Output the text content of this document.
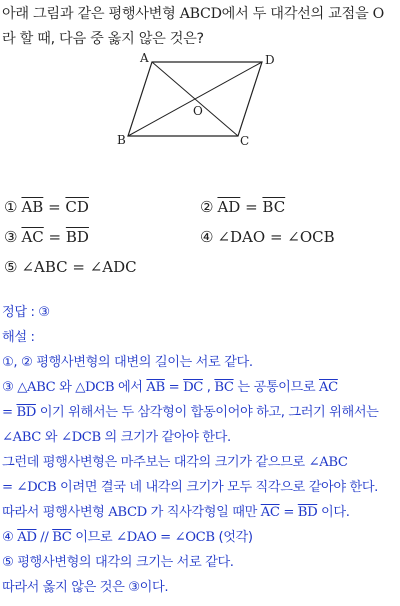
아래 그림과 같은 평행사변형 ABCD에서 두 대각선의 교점을 O
라 할 때, 다음 중 옳지 않은 것은?
A	D
B	C
O
① $\overline{AB} = \overline{CD}$	② $\overline{AD} = \overline{BC}$
③ $\overline{AC} = \overline{BD}$	④ ∠DAO = ∠OCB
⑤ ∠ABC = ∠ADC
정답 : ③
해설 :
①, ② 평행사변형의 대변의 길이는 서로 같다.
③ △ABC 와 △DCB 에서 $\overline{AB} = \overline{DC}$ , $\overline{BC}$ 는 공통이므로 $\overline{AC}$
= $\overline{BD}$ 이기 위해서는 두 삼각형이 합동이어야 하고, 그러기 위해서는
∠ABC 와 ∠DCB 의 크기가 같아야 한다.
그런데 평행사변형은 마주보는 대각의 크기가 같으므로 ∠ABC
= ∠DCB 이려면 결국 네 내각의 크기가 모두 직각으로 같아야 한다.
따라서 평행사변형 ABCD 가 직사각형일 때만 $\overline{AC} = \overline{BD}$ 이다.
④ $\overline{AD} // \overline{BC}$ 이므로 ∠DAO = ∠OCB (엇각)
⑤ 평행사변형의 대각의 크기는 서로 같다.
따라서 옳지 않은 것은 ③이다.
